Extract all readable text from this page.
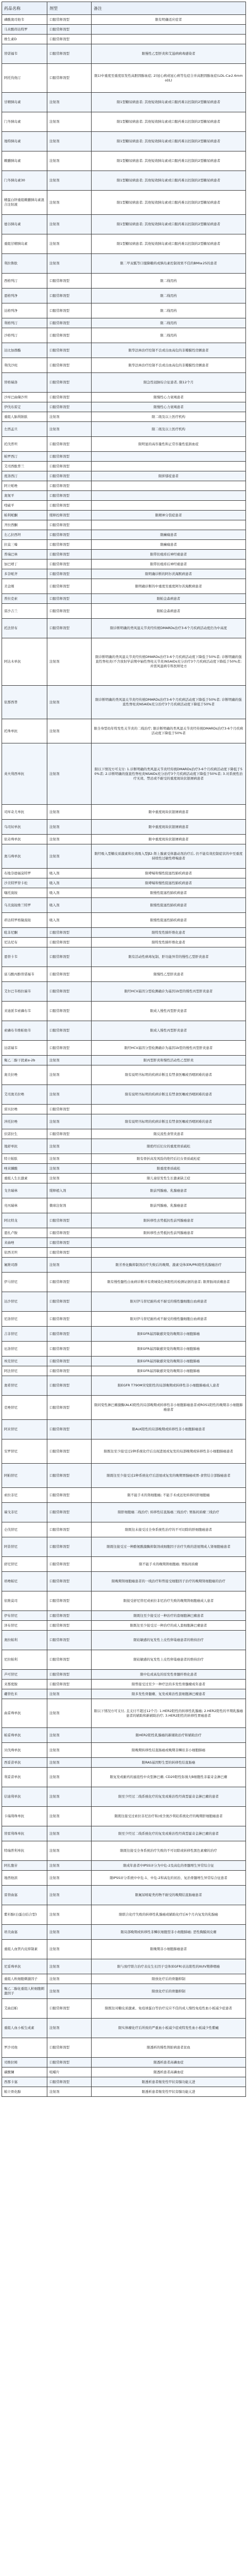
药品名称	剂型	备注
磷酸奥司他韦	口服常释剂型	限有明确适应症者
马来酸茚达特罗	口服常释剂型	
维生素D	口服常释剂型	
替诺福韦	口服常释剂型	限慢性乙型肝炎和艾滋病病毒感染者
阿托伐他汀	口服常释剂型	限1)中重度至重度原发性高胆固醇血症; 2)冠心病或冠心病等危症合并高胆固醇血症(LDL-C≥2.6mmol/L)
甘精胰岛素	注射剂	限1型糖尿病患者; 其他短效胰岛素或口服药难以控制的2型糖尿病患者
门冬胰岛素	注射剂	限1型糖尿病患者; 其他短效胰岛素或口服药难以控制的2型糖尿病患者
地特胰岛素	注射剂	限1型糖尿病患者; 其他短效胰岛素或口服药难以控制的2型糖尿病患者
赖脯胰岛素	注射剂	限1型糖尿病患者; 其他短效胰岛素或口服药难以控制的2型糖尿病患者
门冬胰岛素30	注射剂	限1型糖尿病患者; 其他短效胰岛素或口服药难以控制的2型糖尿病患者
精蛋白锌重组赖脯胰岛素混合注射液	注射剂	限1型糖尿病患者; 其他短效胰岛素或口服药难以控制的2型糖尿病患者
德谷胰岛素	注射剂	限1型糖尿病患者; 其他短效胰岛素或口服药难以控制的2型糖尿病患者
重组甘精胰岛素	注射剂	限1型糖尿病患者; 其他短效胰岛素或口服药难以控制的2型糖尿病患者
利拉鲁肽	注射剂	限二甲双胍等口服降糖药或胰岛素控制效果不佳的BMI≥25的患者
西格列汀	口服常释剂型	限二线用药
恩格列净	口服常释剂型	限二线用药
达格列净	口服常释剂型	限二线用药
利格列汀	口服常释剂型	限二线用药
沙格列汀	口服常释剂型	限二线用药
达比加群酯	口服常释剂型	限华法林治疗控制不良或出血高危的非瓣膜性房颤患者
利伐沙班	口服常释剂型	限华法林治疗控制不良或出血高危的非瓣膜性房颤患者
替格瑞洛	口服常释剂型	限急性冠脉综合征患者, 限12个月
沙库巴曲缬沙坦	口服常释剂型	限慢性心力衰竭患者
伊伐布雷定	口服常释剂型	限慢性心力衰竭患者
重组人脑利钠肽	注射剂	限二级及以上医疗机构
左西孟旦	注射剂	限二级及以上医疗机构
托伐普坦	口服常释剂型	限明显的高容量性和正常容量性低钠血症
帕罗西汀	口服常释剂型	
艾司西酞普兰	口服常释剂型	
度洛西汀	口服常释剂型	限抑郁症患者
阿立哌唑	口服常释剂型	
奥氮平	口服常释剂型	
喹硫平	口服常释剂型	
帕利哌酮	缓释控释剂型	限精神分裂症患者
齐拉西酮	口服常释剂型	
左乙拉西坦	口服常释剂型	限癫痫患者
拉莫三嗪	口服常释剂型	限癫痫患者
普瑞巴林	口服常释剂型	限带状疱疹后神经痛患者
加巴喷丁	口服常释剂型	限带状疱疹后神经痛患者
多奈哌齐	口服常释剂型	限明确诊断的阿尔茨海默病患者
美金刚	口服常释剂型	限明确诊断的中重度至重度阿尔茨海默病患者
普拉克索	口服常释剂型	限帕金森病患者
雷沙吉兰	口服常释剂型	限帕金森病患者
托法替布	口服常释剂型	限诊断明确的类风湿关节炎经传统DMARDs治疗3-6个月疾病活动度仍为中高度
阿达木单抗	注射剂	限诊断明确的类风湿关节炎经传统DMARDs治疗3-6个月疾病活动度下降低于50%者; 诊断明确的强直性脊柱炎(不含放射学前期中轴性脊柱关节炎)NSAIDs充分治疗3个月疾病活动度下降低于50%者; 并需风湿病专科医师处方
依那西普	注射剂	限诊断明确的类风湿关节炎经传统DMARDs治疗3-6个月疾病活动度下降低于50%者; 诊断明确的强直性脊柱炎NSAIDs充分治疗3个月疾病活动度下降低于50%者
托珠单抗	注射剂	限全身型幼年特发性关节炎的二线治疗; 限诊断明确的类风湿关节炎经传统DMARDs治疗3-6个月疾病活动度下降低于50%者
英夫利西单抗	注射剂	限以下情况方可支付: 1.诊断明确的类风湿关节炎经传统DMARDs治疗3-6个月疾病活动度下降低于50%者; 2.诊断明确的强直性脊柱炎NSAIDs充分治疗3个月疾病活动度下降低于50%者; 3.对系统性治疗无效、禁忌或不耐受的重度斑块状银屑病患者
司库奇尤单抗	注射剂	限中重度斑块状银屑病患者
乌司奴单抗	注射剂	限中重度斑块状银屑病患者
依奇珠单抗	注射剂	限中重度斑块状银屑病患者
奥马珠单抗	注射剂	限经吸入型糖皮质激素和长效吸入型β2-肾上腺素受体激动剂治疗后, 仍不能有效控制症状的中至重度持续性过敏性哮喘患者
布地奈德福莫特罗	吸入剂	限哮喘和慢性阻塞性肺疾病患者
沙美特罗替卡松	吸入剂	限哮喘和慢性阻塞性肺疾病患者
噻托溴铵	吸入剂	限慢性阻塞性肺疾病患者
乌美溴铵维兰特罗	吸入剂	限慢性阻塞性肺疾病患者
茚达特罗格隆溴铵	吸入剂	限慢性阻塞性肺疾病患者
吡非尼酮	口服常释剂型	限特发性肺纤维化患者
尼达尼布	口服常释剂型	限特发性肺纤维化患者
恩替卡韦	口服常释剂型	限有活动性病毒复制、肝功能异常的慢性乙型肝炎患者
富马酸丙酚替诺福韦	口服常释剂型	限慢性乙型肝炎患者
艾尔巴韦格拉瑞韦	口服常释剂型	限经HCV基因分型检测确诊为基因1b型的慢性丙型肝炎患者
来迪派韦索磷布韦	口服常释剂型	限成人慢性丙型肝炎患者
索磷布韦维帕他韦	口服常释剂型	限成人慢性丙型肝炎患者
达诺瑞韦	口服常释剂型	限经HCV基因分型检测确诊为基因1b型的慢性丙型肝炎患者
聚乙二醇干扰素α-2b	注射剂	限丙型肝炎和慢性活动性乙型肝炎
奥美拉唑	注射剂	限有说明书标明的疾病诊断且有禁食医嘱或吞咽困难的患者
艾司奥美拉唑	注射剂	限有说明书标明的疾病诊断且有禁食医嘱或吞咽困难的患者
雷贝拉唑	口服常释剂型	
泮托拉唑	注射剂	限有说明书标明的疾病诊断且有禁食医嘱或吞咽困难的患者
伏诺拉生	口服常释剂型	限反流性食管炎患者
地舒单抗	注射剂	限绝经后妇女的重度骨质疏松
特立帕肽	注射剂	限有骨折高发风险的绝经后妇女骨质疏松症
唑来膦酸	注射剂	限重度骨质疏松
重组人生长激素	注射剂	限儿童原发性生长激素缺乏症
戈舍瑞林	缓释植入剂	限前列腺癌、乳腺癌患者
亮丙瑞林	微球注射剂	限前列腺癌、乳腺癌患者
阿比特龙	口服常释剂型	限转移性去势抵抗性前列腺癌患者
恩扎卢胺	口服常释剂型	限转移性去势抵抗性前列腺癌患者
来曲唑	口服常释剂型	
依西美坦	口服常释剂型	
氟维司群	注射剂	限芳香化酶抑制剂治疗失败后的晚期、激素受体(ER/PR)阳性乳腺癌治疗
伊马替尼	口服常释剂型	限有慢性髓性白血病诊断并有费城染色体阳性的检测证据的患者; 限胃肠间质瘤患者
达沙替尼	口服常释剂型	限对伊马替尼耐药或不耐受的慢性髓细胞白血病患者
尼洛替尼	口服常释剂型	限对伊马替尼耐药或不耐受的慢性髓细胞白血病患者
吉非替尼	口服常释剂型	限EGFR基因敏感突变的晚期非小细胞肺癌
厄洛替尼	口服常释剂型	限EGFR基因敏感突变的晚期非小细胞肺癌
埃克替尼	口服常释剂型	限EGFR基因敏感突变的晚期非小细胞肺癌
阿法替尼	口服常释剂型	限EGFR基因敏感突变的晚期非小细胞肺癌
奥希替尼	口服常释剂型	限EGFR T790M突变阳性的局部晚期或转移性非小细胞肺癌成人患者
克唑替尼	口服常释剂型	限间变性淋巴瘤激酶(ALK)阳性的局部晚期或转移性非小细胞肺癌患者或ROS1阳性的晚期非小细胞肺癌患者
阿来替尼	口服常释剂型	限ALK阳性的局部晚期或转移性非小细胞肺癌患者
安罗替尼	口服常释剂型	限既往至少接受过2种系统化疗后出现进展或复发的局部晚期或转移性非小细胞肺癌患者
阿帕替尼	口服常释剂型	限既往至少接受过2种系统化疗后进展或复发的晚期胃腺癌或胃-食管结合部腺癌患者
索拉非尼	口服常释剂型	限不能手术的肾细胞癌; 不能手术或远处转移的肝细胞癌
瑞戈非尼	口服常释剂型	限肝细胞癌二线治疗; 转移性结直肠癌三线治疗; 胃肠间质瘤三线治疗
仑伐替尼	口服常释剂型	限既往未接受过全身系统性治疗的不可切除的肝细胞癌患者
阿昔替尼	口服常释剂型	限既往接受过一种酪氨酸激酶抑制剂或细胞因子治疗失败的进展期成人肾细胞癌患者
舒尼替尼	口服常释剂型	限不能手术的晚期肾细胞癌; 胃肠间质瘤
培唑帕尼	口服常释剂型	限晚期肾细胞癌患者的一线治疗和曾接受细胞因子治疗的晚期肾细胞癌的治疗
依维莫司	口服常释剂型	限接受舒尼替尼或索拉非尼治疗失败的晚期肾细胞癌成人患者
伊布替尼	口服常释剂型	限既往至少接受过一种治疗的套细胞淋巴瘤患者
泽布替尼	口服常释剂型	限既往至少接受过一种治疗的成人套细胞淋巴瘤患者
奥拉帕利	口服常释剂型	限铂敏感的复发性上皮性卵巢癌患者的维持治疗
尼拉帕利	口服常释剂型	限铂敏感的复发性上皮性卵巢癌患者的维持治疗
芦可替尼	口服常释剂型	限中危或高危的原发性骨髓纤维化患者
来那度胺	口服常释剂型	限曾接受过至少一种疗法的多发性骨髓瘤成年患者
硼替佐米	注射剂	限多发性骨髓瘤、复发或难治性套细胞淋巴瘤患者
曲妥珠单抗	注射剂	限以下情况方可支付, 且支付不超过12个月: 1.HER2阳性的转移性乳腺癌; 2.HER2阳性的早期乳腺癌患者的辅助和新辅助治疗; 3.HER2阳性的转移性胃癌患者
帕妥珠单抗	注射剂	限HER2阳性乳腺癌的新辅助治疗和辅助治疗
贝伐珠单抗	注射剂	限晚期转移性结直肠癌或晚期非鳞状非小细胞肺癌
西妥昔单抗	注射剂	限RAS基因野生型的转移性结直肠癌
利妥昔单抗	注射剂	限复发或耐药的滤泡性中央型淋巴瘤; CD20阳性弥漫大B细胞性非霍奇金淋巴瘤
信迪利单抗	注射剂	限至少经过二线系统化疗的复发或难治性经典型霍奇金淋巴瘤的患者
卡瑞利珠单抗	注射剂	限既往接受过索拉非尼治疗和/或含奥沙利铂系统化疗的晚期肝细胞癌患者
替雷利珠单抗	注射剂	限至少经过二线系统化疗的复发或难治性经典型霍奇金淋巴瘤的患者
特瑞普利单抗	注射剂	限既往接受全身系统治疗失败的不可切除或转移性黑色素瘤的治疗
阿扎胞苷	注射剂	限成年患者中IPSS评分为中危-2及高危的骨髓增生异常综合征
地西他滨	注射剂	限IPSS评分系统中中危-1、中危-2和高危的初治、复治骨髓增生异常综合征患者
雷替曲塞	注射剂	限氟尿嘧啶类药物不耐受的晚期结直肠癌患者
紫杉醇(白蛋白结合型)	注射剂	限联合化疗失败的转移性乳腺癌或辅助化疗后6个月内复发的乳腺癌
培美曲塞	注射剂	限局部晚期或转移性非鳞状细胞型非小细胞肺癌; 恶性胸膜间皮瘤
重组人血管内皮抑制素	注射剂	限晚期非小细胞肺癌患者
尼妥珠单抗	注射剂	限与放疗联合治疗表皮生长因子受体(EGFR)表达阳性的III/IV期鼻咽癌
重组人粒细胞刺激因子	注射剂	限放化疗后的骨髓抑制
聚乙二醇化重组人粒细胞刺激因子	注射剂	限放化疗后的骨髓抑制
艾曲泊帕	口服常释剂型	限既往对糖皮质激素、免疫球蛋白等治疗反应不佳的成人慢性免疫性血小板减少症患者
重组人血小板生成素	注射剂	限实体瘤化疗后所致的严重血小板减少症或特发性血小板减少性紫癜
罗沙司他	口服常释剂型	限透析的慢性肾脏病患者贫血
司维拉姆	口服常释剂型	限透析患者高磷血症
碳酸镧	咀嚼片	限透析患者高磷血症
西那卡塞	口服常释剂型	限透析患者继发性甲状旁腺功能亢进
帕立骨化醇	注射剂	限透析患者继发性甲状旁腺功能亢进
